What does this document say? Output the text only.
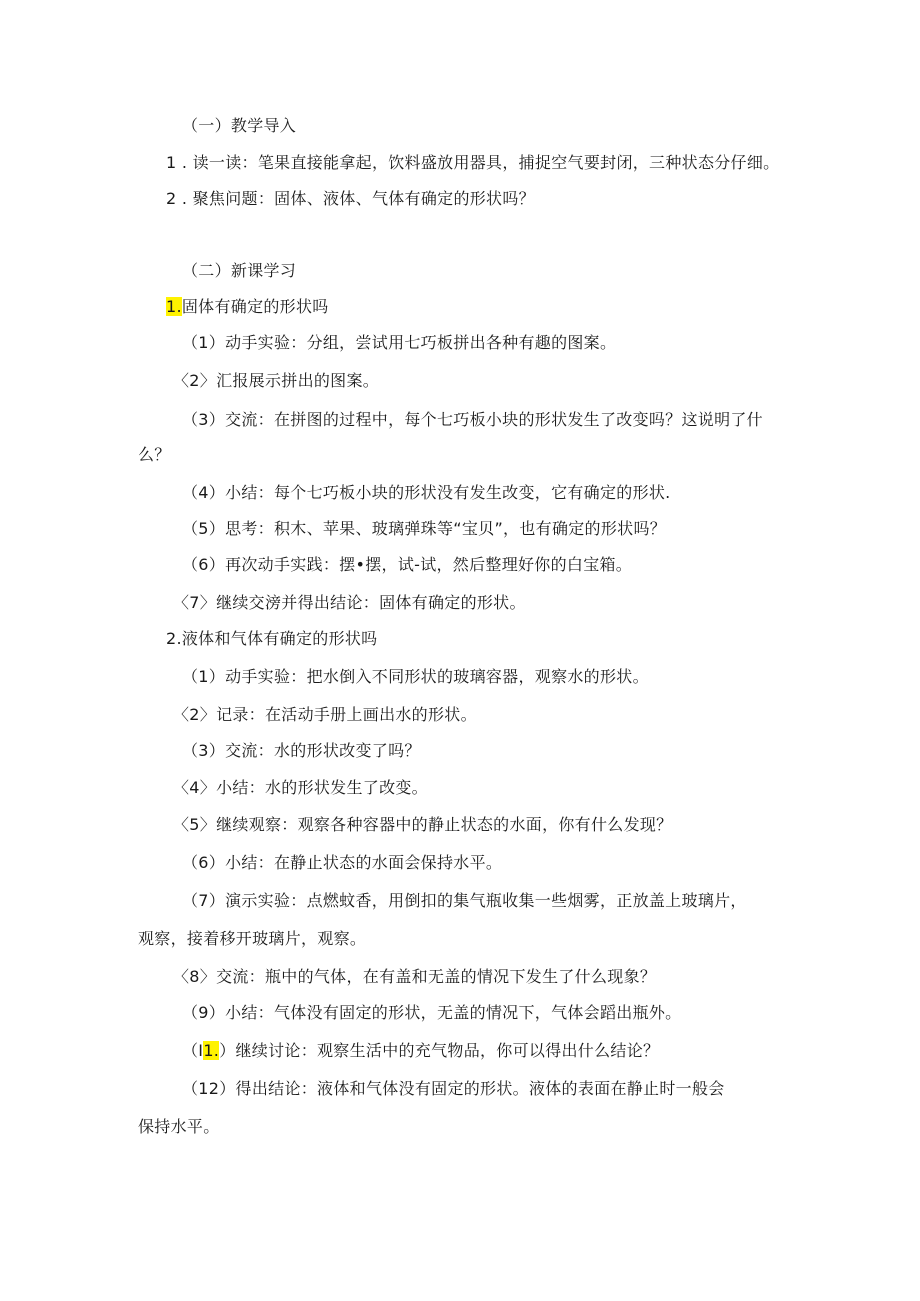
（一）教学导入
1 . 读一读：笔果直接能拿起，饮料盛放用器具，捕捉空气要封闭，三种状态分仔细。
2 . 聚焦问题：固体、液体、气体有确定的形状吗？
（二）新课学习
1.固体有确定的形状吗
（1）动手实验：分组，尝试用七巧板拼出各种有趣的图案。
〈2〉汇报展示拼出的图案。
（3）交流：在拼图的过程中，每个七巧板小块的形状发生了改变吗？这说明了什
么？
（4）小结：每个七巧板小块的形状没有发生改变，它有确定的形状.
（5）思考：积木、苹果、玻璃弹珠等“宝贝”，也有确定的形状吗？
（6）再次动手实践：摆•摆，试-试，然后整理好你的白宝箱。
〈7〉继续交滂并得出结论：固体有确定的形状。
2.液体和气体有确定的形状吗
（1）动手实验：把水倒入不同形状的玻璃容器，观察水的形状。
〈2〉记录：在活动手册上画出水的形状。
（3）交流：水的形状改变了吗？
〈4〉小结：水的形状发生了改变。
〈5〉继续观察：观察各种容器中的静止状态的水面，你有什么发现？
（6）小结：在静止状态的水面会保持水平。
（7）演示实验：点燃蚊香，用倒扣的集气瓶收集一些烟雾，正放盖上玻璃片，
观察，接着移开玻璃片，观察。
〈8〉交流：瓶中的气体，在有盖和无盖的情况下发生了什么现象？
（9）小结：气体没有固定的形状，无盖的情况下，气体会蹈出瓶外。
（I1.）继续讨论：观察生活中的充气物品，你可以得出什么结论？
（12）得出结论：液体和气体没有固定的形状。液体的表面在静止时一般会
保持水平。
